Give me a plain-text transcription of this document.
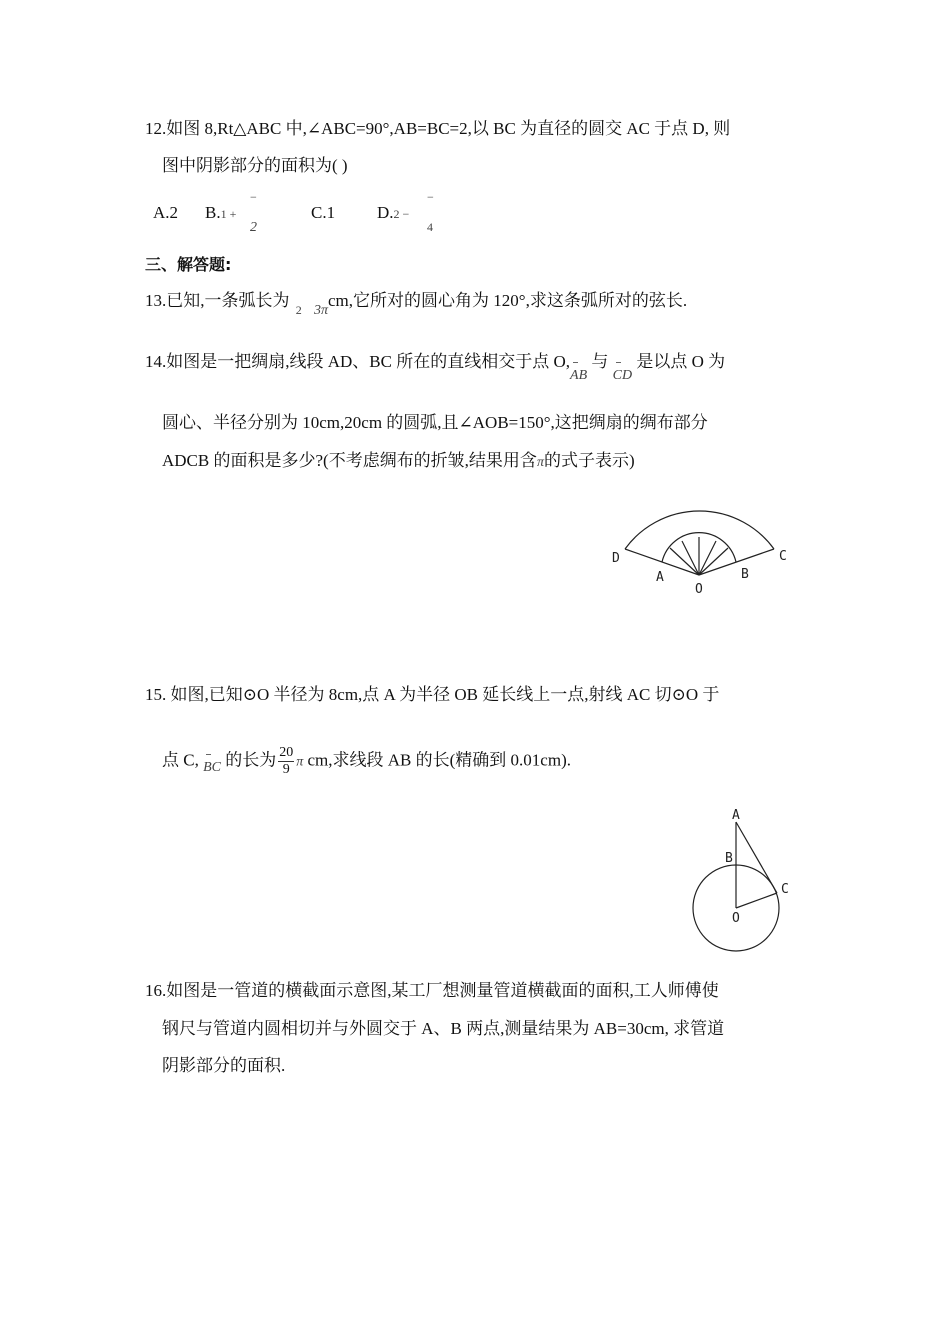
12.如图 8,Rt△ABC 中,∠ABC=90°,AB=BC=2,以 BC 为直径的圆交 AC 于点 D, 则
图中阴影部分的面积为( )
A.2 B.1 +
−
2
C.1 D.2 −
−
4
三、解答题:
13.已知,一条弧长为 $_2$ $_{3\pi}$cm,它所对的圆心角为 120°,求这条弧所对的弦长.
14.如图是一把绸扇,线段 AD、BC 所在的直线相交于点 O,AB 与 CD 是以点 O 为
圆心、半径分别为 10cm,20cm 的圆弧,且∠AOB=150°,这把绸扇的绸布部分
ADCB 的面积是多少?(不考虑绸布的折皱,结果用含π的式子表示)
D
A
O
B
C
15. 如图,已知⊙O 半径为 8cm,点 A 为半径 OB 延长线上一点,射线 AC 切⊙O 于
点 C, BC 的长为 $\frac{20}{9}$ π cm,求线段 AB 的长(精确到 0.01cm).
A
B
C
O
16.如图是一管道的横截面示意图,某工厂想测量管道横截面的面积,工人师傅使
钢尺与管道内圆相切并与外圆交于 A、B 两点,测量结果为 AB=30cm, 求管道
阴影部分的面积.
